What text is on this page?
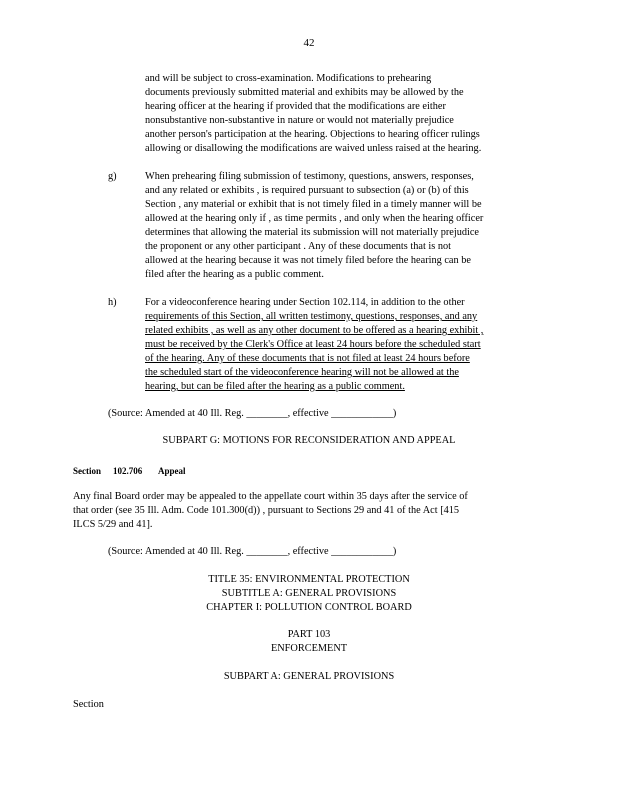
42
and will be subject to cross-examination. Modifications to prehearing
documents previously submitted material and exhibits may be allowed by the
hearing officer at the hearing if provided that the modifications are either
nonsubstantive non-substantive in nature or would not materially prejudice
another person's participation at the hearing. Objections to hearing officer rulings
allowing or disallowing the modifications are waived unless raised at the hearing.
g)	When prehearing filing submission of testimony, questions, answers, responses,
and any related or exhibits , is required pursuant to subsection (a) or (b) of this
Section , any material or exhibit that is not timely filed in a timely manner will be
allowed at the hearing only if , as time permits , and only when the hearing officer
determines that allowing the material its submission will not materially prejudice
the proponent or any other participant . Any of these documents that is not
allowed at the hearing because it was not timely filed before the hearing can be
filed after the hearing as a public comment.
h)	For a videoconference hearing under Section 102.114, in addition to the other
requirements of this Section, all written testimony, questions, responses, and any
related exhibits , as well as any other document to be offered as a hearing exhibit ,
must be received by the Clerk's Office at least 24 hours before the scheduled start
of the hearing. Any of these documents that is not filed at least 24 hours before
the scheduled start of the videoconference hearing will not be allowed at the
hearing, but can be filed after the hearing as a public comment.
(Source: Amended at 40 Ill. Reg. ________, effective ____________)
SUBPART G: MOTIONS FOR RECONSIDERATION AND APPEAL
Section 102.706 Appeal
Any final Board order may be appealed to the appellate court within 35 days after the service of
that order (see 35 Ill. Adm. Code 101.300(d)) , pursuant to Sections 29 and 41 of the Act [415
ILCS 5/29 and 41].
(Source: Amended at 40 Ill. Reg. ________, effective ____________)
TITLE 35: ENVIRONMENTAL PROTECTION
SUBTITLE A: GENERAL PROVISIONS
CHAPTER I: POLLUTION CONTROL BOARD
PART 103
ENFORCEMENT
SUBPART A: GENERAL PROVISIONS
Section
